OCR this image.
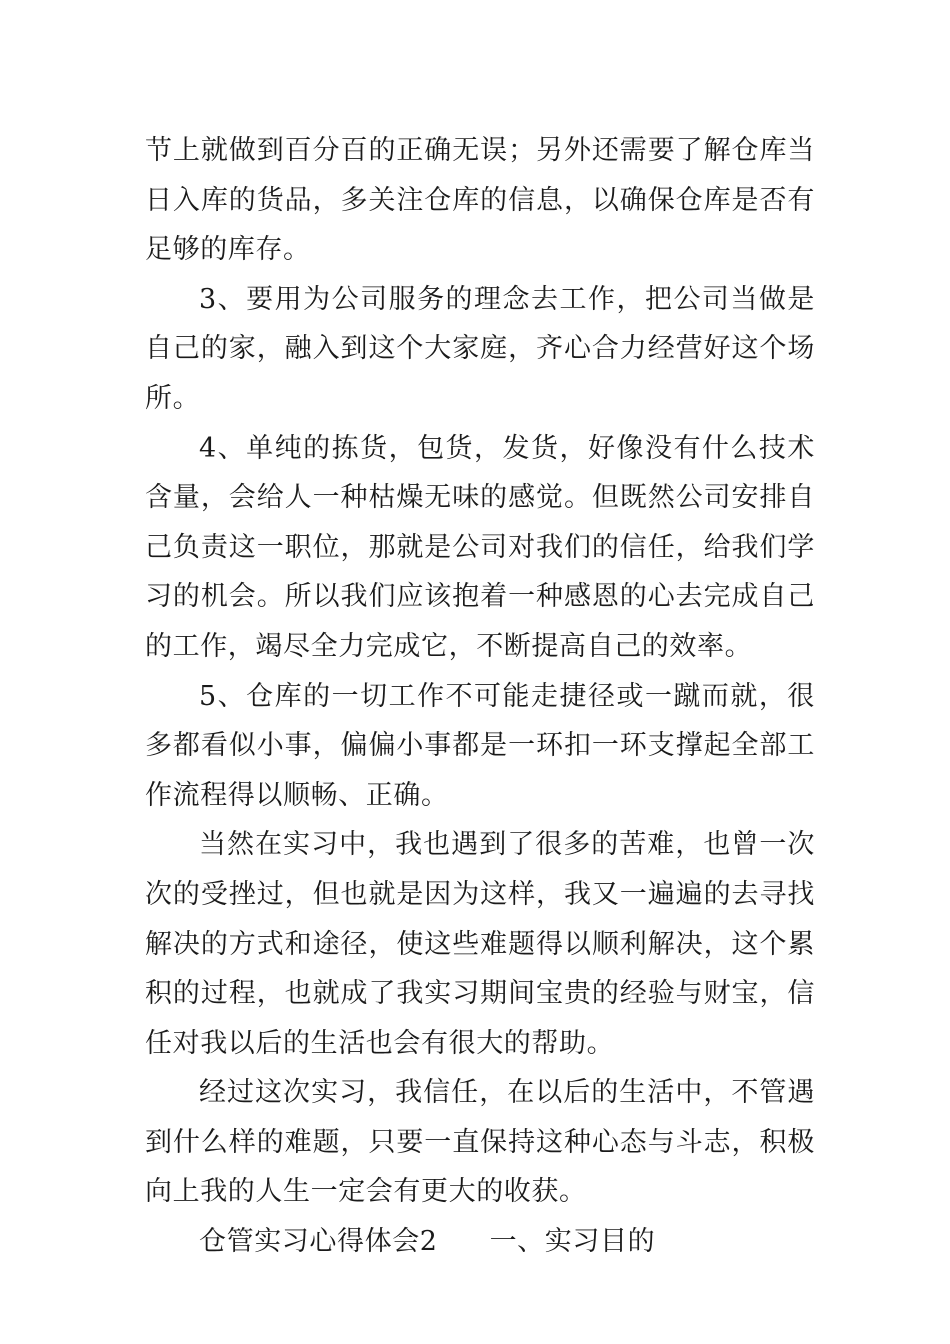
节上就做到百分百的正确无误；另外还需要了解仓库当日入库的货品，多关注仓库的信息，以确保仓库是否有足够的库存。

3、要用为公司服务的理念去工作，把公司当做是自己的家，融入到这个大家庭，齐心合力经营好这个场所。

4、单纯的拣货，包货，发货，好像没有什么技术含量，会给人一种枯燥无味的感觉。但既然公司安排自己负责这一职位，那就是公司对我们的信任，给我们学习的机会。所以我们应该抱着一种感恩的心去完成自己的工作，竭尽全力完成它，不断提高自己的效率。

5、仓库的一切工作不可能走捷径或一蹴而就，很多都看似小事，偏偏小事都是一环扣一环支撑起全部工作流程得以顺畅、正确。

当然在实习中，我也遇到了很多的苦难，也曾一次次的受挫过，但也就是因为这样，我又一遍遍的去寻找解决的方式和途径，使这些难题得以顺利解决，这个累积的过程，也就成了我实习期间宝贵的经验与财宝，信任对我以后的生活也会有很大的帮助。

经过这次实习，我信任，在以后的生活中，不管遇到什么样的难题，只要一直保持这种心态与斗志，积极向上我的人生一定会有更大的收获。

仓管实习心得体会2 一、实习目的
